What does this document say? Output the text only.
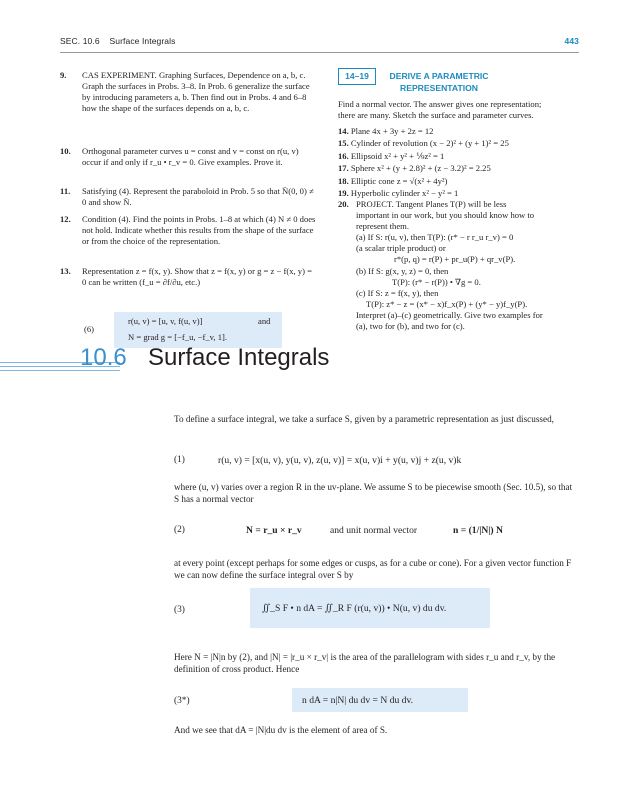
SEC. 10.6 Surface Integrals	443
9. CAS EXPERIMENT. Graphing Surfaces, Dependence on a, b, c. Graph the surfaces in Probs. 3–8. In Prob. 6 generalize the surface by introducing parameters a, b. Then find out in Probs. 4 and 6–8 how the shape of the surfaces depends on a, b, c.
10. Orthogonal parameter curves u = const and v = const on r(u, v) occur if and only if r_u • r_v = 0. Give examples. Prove it.
11. Satisfying (4). Represent the paraboloid in Prob. 5 so that N̄(0, 0) ≠ 0 and show N̄.
12. Condition (4). Find the points in Probs. 1–8 at which (4) N ≠ 0 does not hold. Indicate whether this results from the shape of the surface or from the choice of the representation.
13. Representation z = f(x, y). Show that z = f(x, y) or g = z − f(x, y) = 0 can be written (f_u = ∂f/∂u, etc.)
(6)
r(u, v) = [u, v, f(u, v)]	and
N = grad g = [−f_u, −f_v, 1].
14–19	DERIVE A PARAMETRIC
REPRESENTATION
Find a normal vector. The answer gives one representation;
there are many. Sketch the surface and parameter curves.
14. Plane 4x + 3y + 2z = 12
15. Cylinder of revolution (x − 2)² + (y + 1)² = 25
16. Ellipsoid x² + y² + ⅑z² = 1
17. Sphere x² + (y + 2.8)² + (z − 3.2)² = 2.25
18. Elliptic cone z = √(x² + 4y²)
19. Hyperbolic cylinder x² − y² = 1
20. PROJECT. Tangent Planes T(P) will be less
important in our work, but you should know how to
represent them.
(a) If S: r(u, v), then T(P): (r* − r r_u r_v) = 0
(a scalar triple product) or
r*(p, q) = r(P) + pr_u(P) + qr_v(P).
(b) If S: g(x, y, z) = 0, then
T(P): (r* − r(P)) • ∇g = 0.
(c) If S: z = f(x, y), then
T(P): z* − z = (x* − x)f_x(P) + (y* − y)f_y(P).
Interpret (a)–(c) geometrically. Give two examples for
(a), two for (b), and two for (c).
10.6 Surface Integrals
To define a surface integral, we take a surface S, given by a parametric representation as just discussed,
(1)	r(u, v) = [x(u, v), y(u, v), z(u, v)] = x(u, v)i + y(u, v)j + z(u, v)k
where (u, v) varies over a region R in the uv-plane. We assume S to be piecewise smooth (Sec. 10.5), so that S has a normal vector
(2)	N = r_u × r_v	and unit normal vector	n = (1/|N|) N
at every point (except perhaps for some edges or cusps, as for a cube or cone). For a given vector function F we can now define the surface integral over S by
(3)	∬_S F • n dA = ∬_R F (r(u, v)) • N(u, v) du dv.
Here N = |N|n by (2), and |N| = |r_u × r_v| is the area of the parallelogram with sides r_u and r_v, by the definition of cross product. Hence
(3*)	n dA = n|N| du dv = N du dv.
And we see that dA = |N|du dv is the element of area of S.
